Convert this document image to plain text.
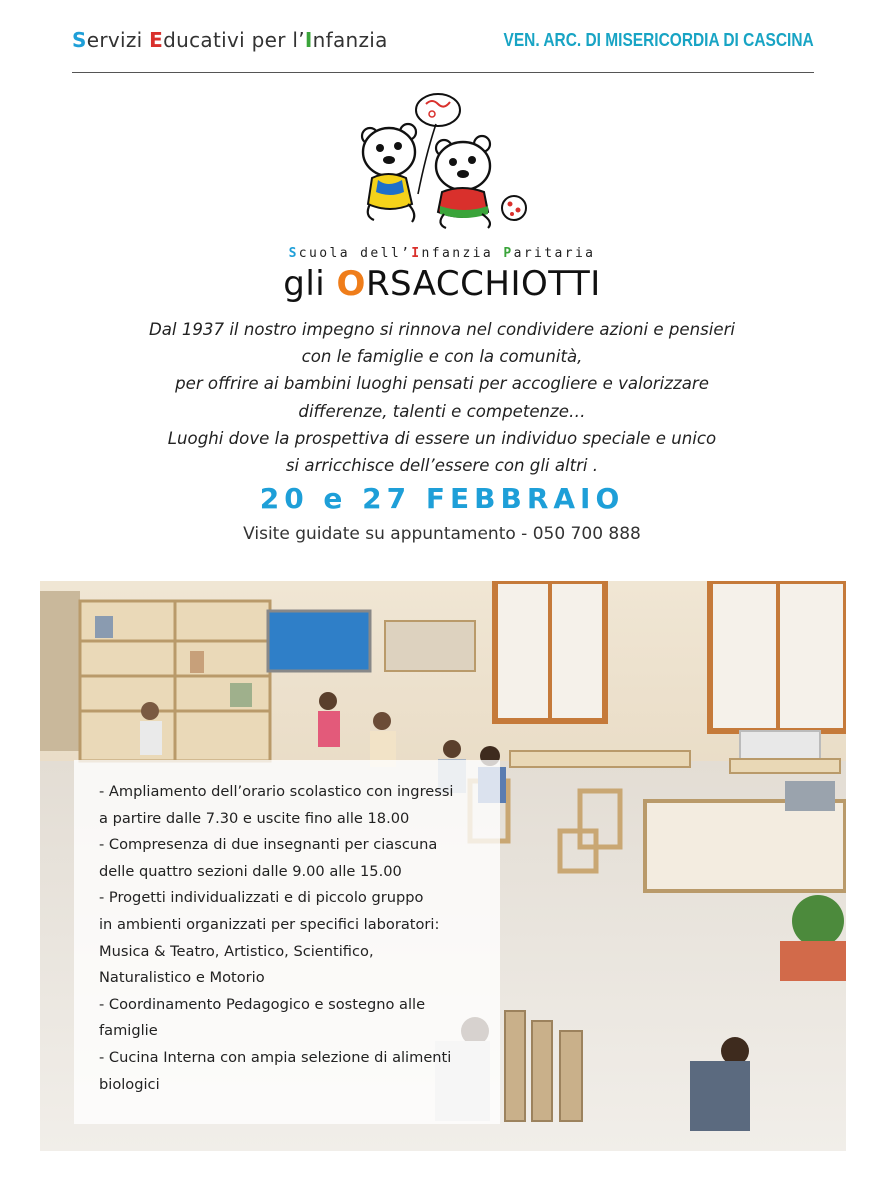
Servizi Educativi per l’Infanzia	VEN. ARC. DI MISERICORDIA DI CASCINA
Scuola dell’Infanzia Paritaria
gli ORSACCHIOTTI
Dal 1937 il nostro impegno si rinnova nel condividere azioni e pensieri
con le famiglie e con la comunità,
per offrire ai bambini luoghi pensati per accogliere e valorizzare
differenze, talenti e competenze…
Luoghi dove la prospettiva di essere un individuo speciale e unico
si arricchisce dell’essere con gli altri .
20 e 27 FEBBRAIO
Visite guidate su appuntamento - 050 700 888
- Ampliamento dell’orario scolastico con ingressi
a partire dalle 7.30 e uscite fino alle 18.00
- Compresenza di due insegnanti per ciascuna
delle quattro sezioni dalle 9.00 alle 15.00
- Progetti individualizzati e di piccolo gruppo
in ambienti organizzati per specifici laboratori:
Musica & Teatro, Artistico, Scientifico,
Naturalistico e Motorio
- Coordinamento Pedagogico e sostegno alle
famiglie
- Cucina Interna con ampia selezione di alimenti
biologici
